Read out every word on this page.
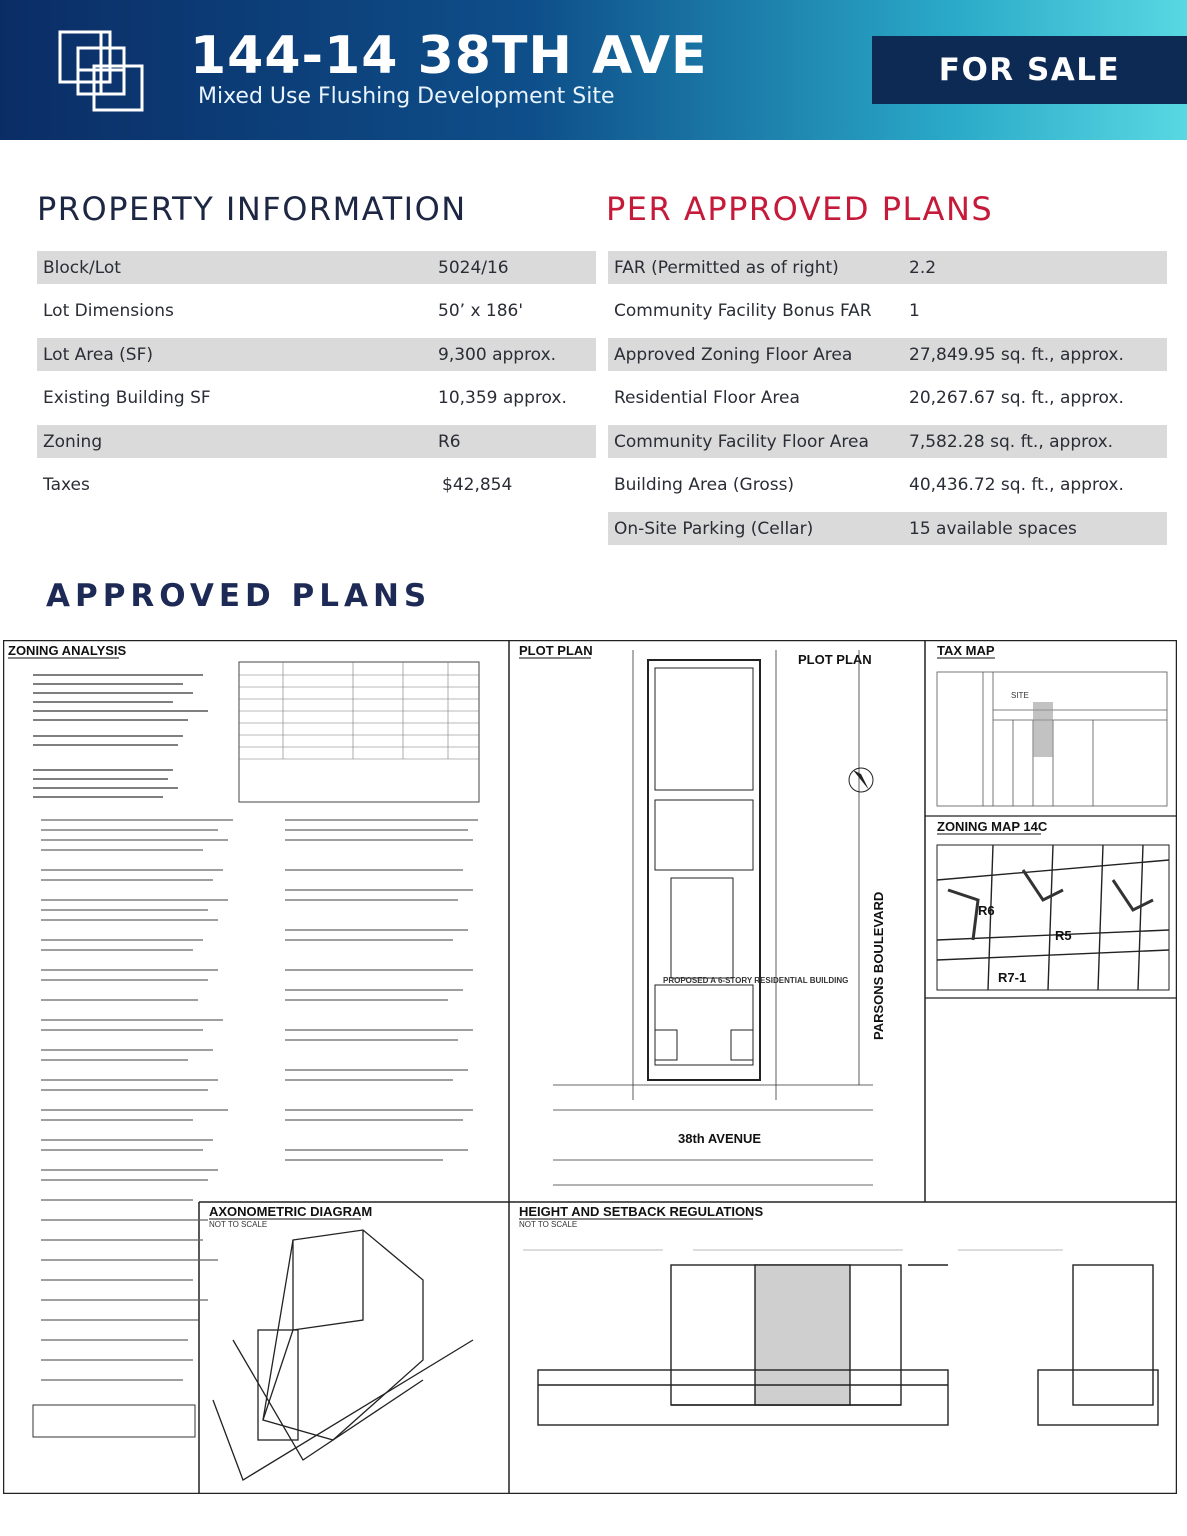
144-14 38TH AVE
Mixed Use Flushing Development Site
FOR SALE
PROPERTY INFORMATION	PER APPROVED PLANS
Block/Lot	5024/16
Lot Dimensions	50’ x 186'
Lot Area (SF)	9,300 approx.
Existing Building SF	10,359 approx.
Zoning	R6
Taxes	$42,854
FAR (Permitted as of right)	2.2
Community Facility Bonus FAR 1
Approved Zoning Floor Area	27,849.95 sq. ft., approx.
Residential Floor Area	20,267.67 sq. ft., approx.
Community Facility Floor Area 7,582.28 sq. ft., approx.
Building Area (Gross)	40,436.72 sq. ft., approx.
On-Site Parking (Cellar)	15 available spaces
APPROVED PLANS
ZONING ANALYSIS	PLOT PLAN
PLOT PLAN
PROPOSED A 6-STORY RESIDENTIAL BUILDING
38th AVENUE
PARSONS BOULEVARD
TAX MAP
SITE
ZONING MAP 14C
R6
R5
R7-1
AXONOMETRIC DIAGRAM
NOT TO SCALE
HEIGHT AND SETBACK REGULATIONS
NOT TO SCALE
